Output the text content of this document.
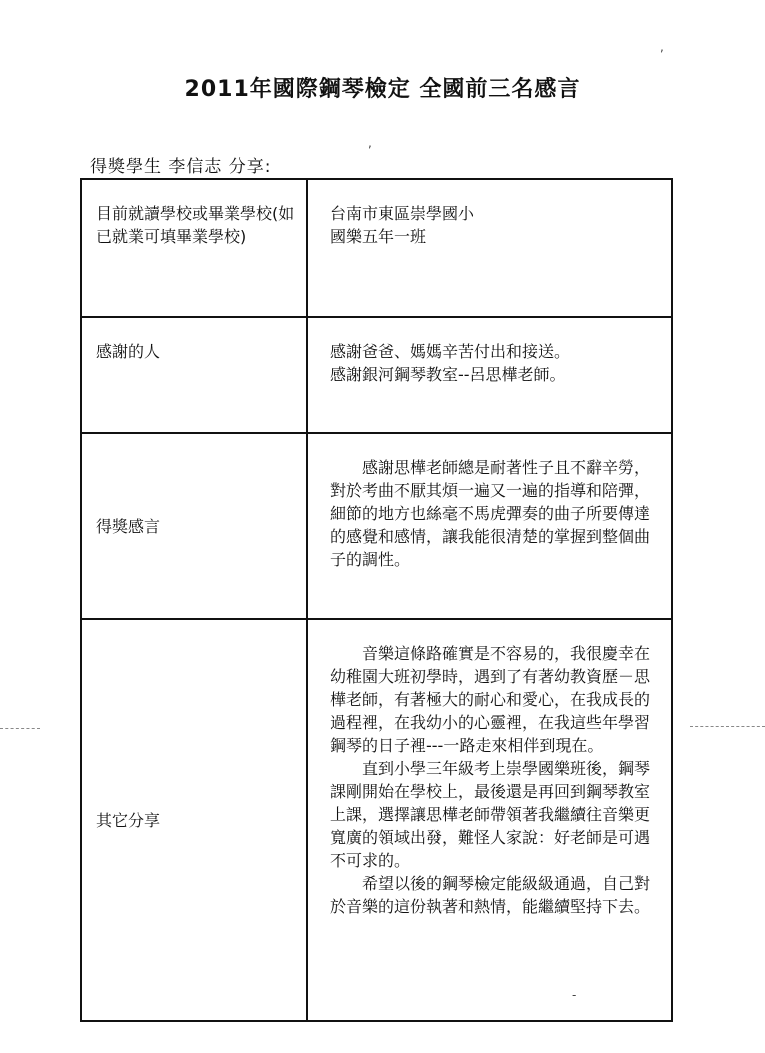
,
,
-
2011年國際鋼琴檢定 全國前三名感言

得獎學生 李信志 分享:

目前就讀學校或畢業學校(如已就業可填畢業學校)	台南市東區崇學國小

國樂五年一班

感謝的人	感謝爸爸、媽媽辛苦付出和接送。

感謝銀河鋼琴教室--呂思樺老師。

得獎感言	感謝思樺老師總是耐著性子且不辭辛勞，對於考曲不厭其煩一遍又一遍的指導和陪彈，細節的地方也絲毫不馬虎彈奏的曲子所要傳達的感覺和感情，讓我能很清楚的掌握到整個曲子的調性。

其它分享	音樂這條路確實是不容易的，我很慶幸在幼稚園大班初學時，遇到了有著幼教資歷－思樺老師，有著極大的耐心和愛心，在我成長的過程裡，在我幼小的心靈裡，在我這些年學習鋼琴的日子裡---一路走來相伴到現在。

直到小學三年級考上崇學國樂班後，鋼琴課剛開始在學校上，最後還是再回到鋼琴教室上課，選擇讓思樺老師帶領著我繼續往音樂更寬廣的領域出發，難怪人家說：好老師是可遇不可求的。

希望以後的鋼琴檢定能級級通過，自己對於音樂的這份執著和熱情，能繼續堅持下去。
